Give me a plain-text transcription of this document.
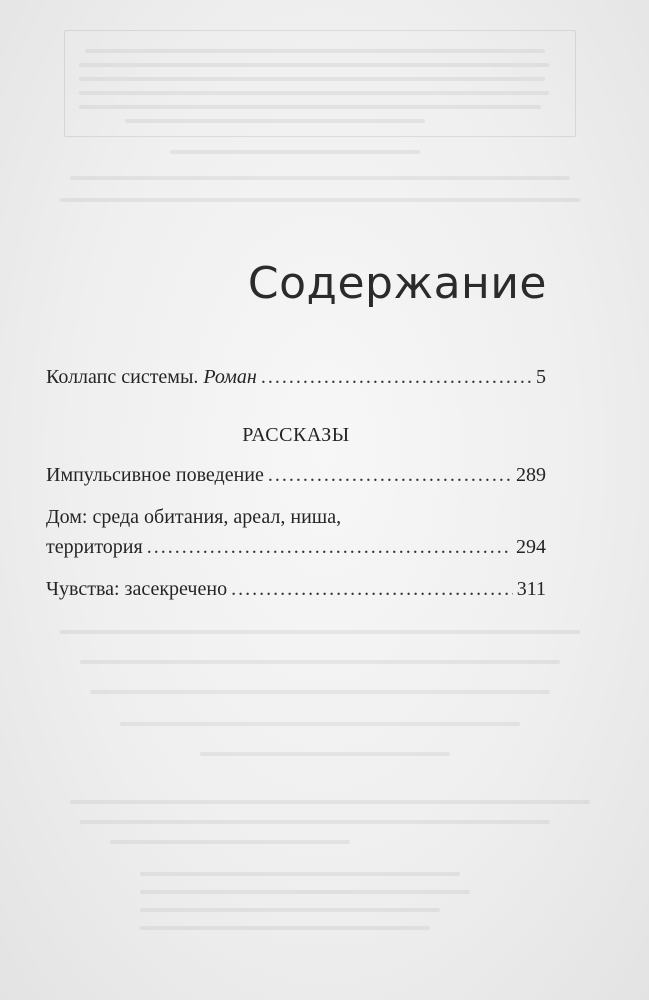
Содержание
Коллапс системы. Роман .....	5
РАССКАЗЫ
Импульсивное поведение .....	289
Дом: среда обитания, ареал, ниша,
территория .....	294
Чувства: засекречено .....	311
